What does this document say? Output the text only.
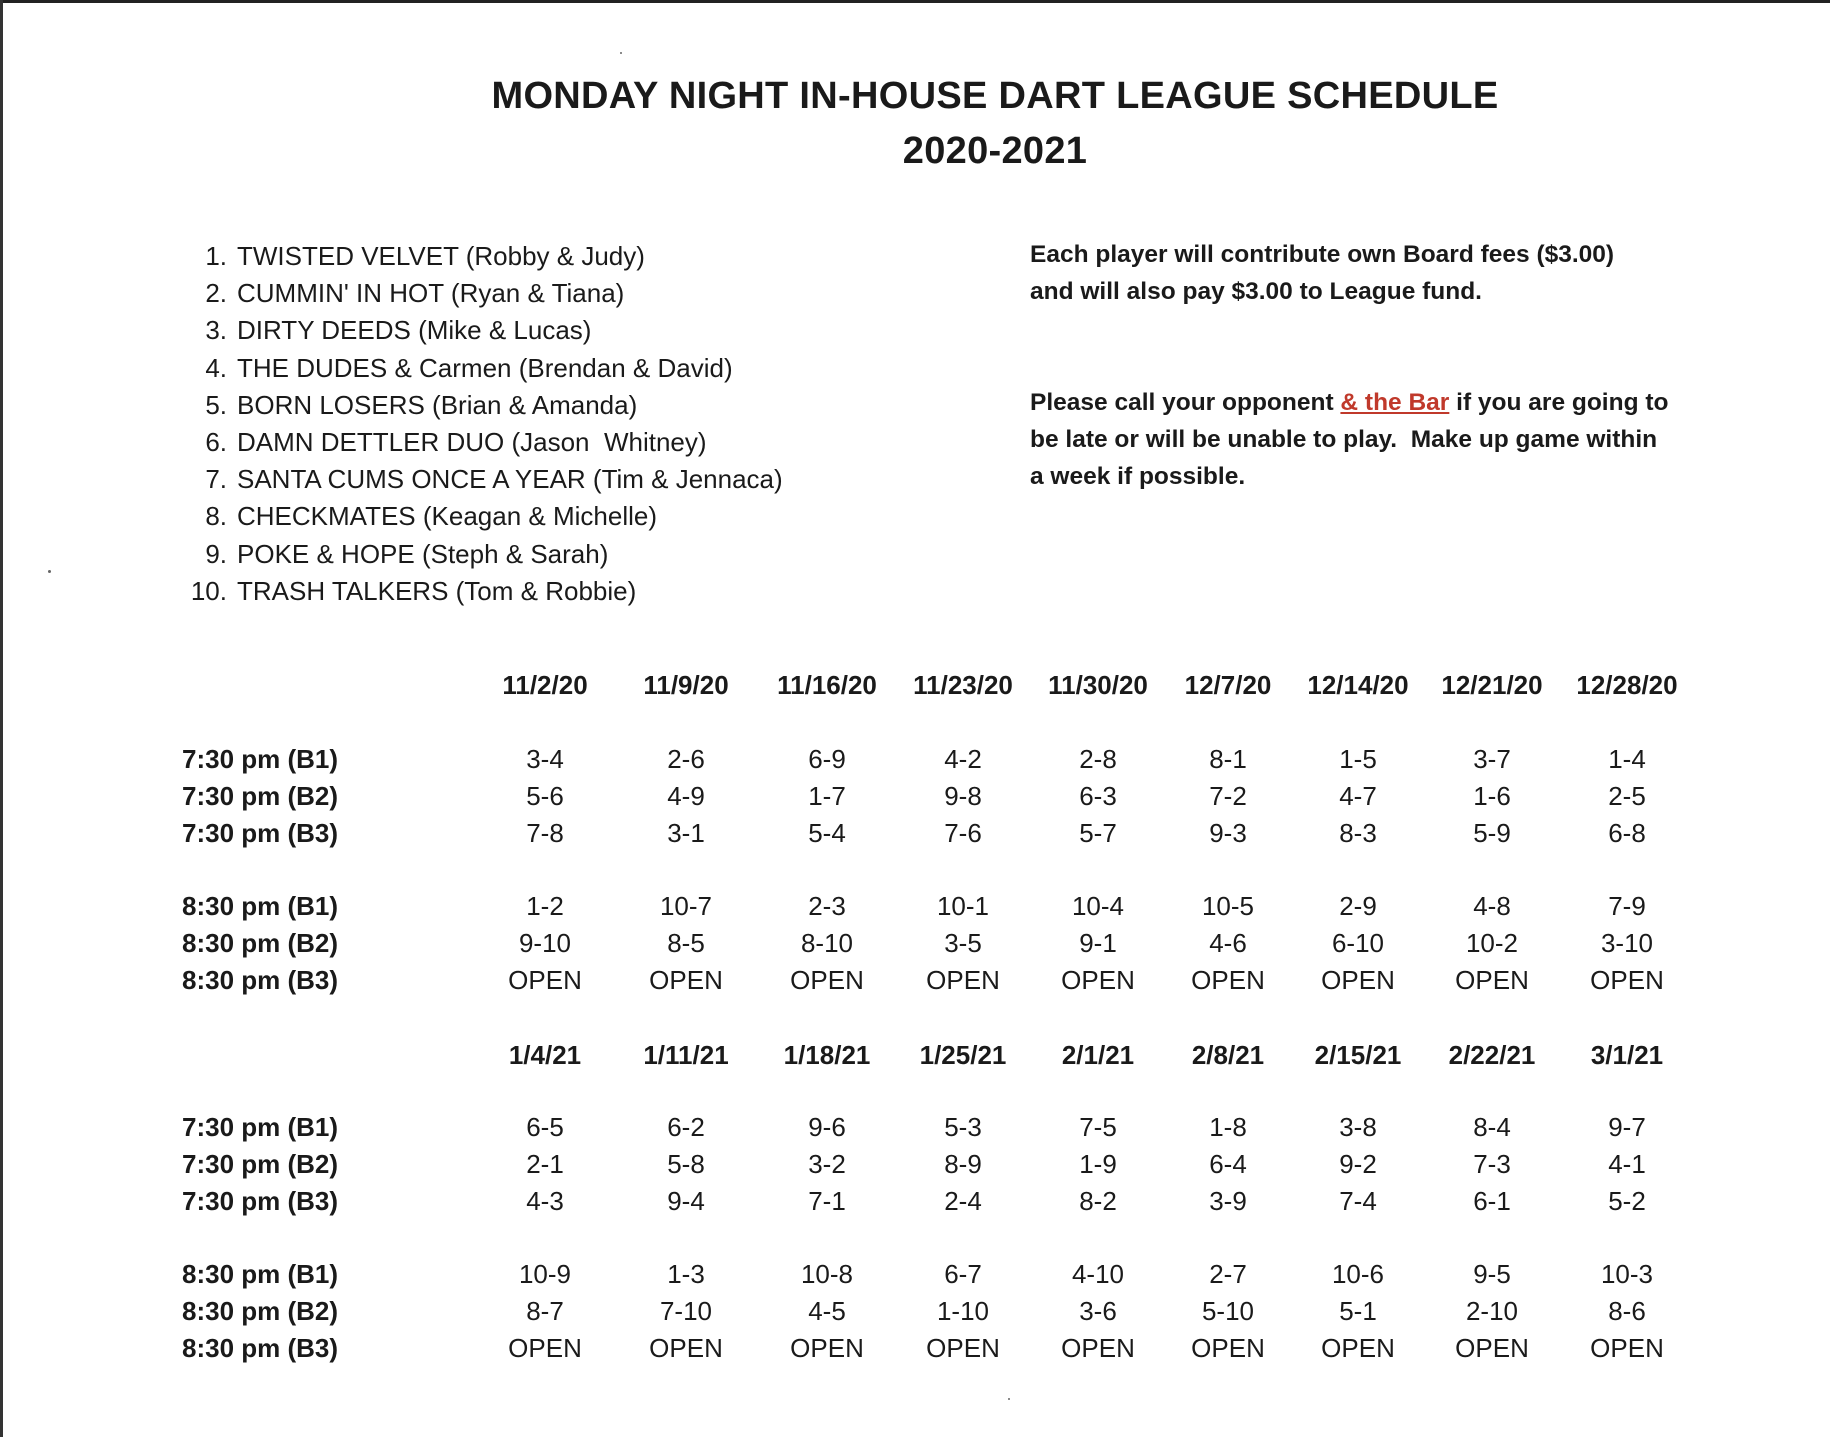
MONDAY NIGHT IN-HOUSE DART LEAGUE SCHEDULE
2020-2021
1. TWISTED VELVET (Robby & Judy)
2. CUMMIN' IN HOT (Ryan & Tiana)
3. DIRTY DEEDS (Mike & Lucas)
4. THE DUDES & Carmen (Brendan & David)
5. BORN LOSERS (Brian & Amanda)
6. DAMN DETTLER DUO (Jason  Whitney)
7. SANTA CUMS ONCE A YEAR (Tim & Jennaca)
8. CHECKMATES (Keagan & Michelle)
9. POKE & HOPE (Steph & Sarah)
10. TRASH TALKERS (Tom & Robbie)
Each player will contribute own Board fees ($3.00)
and will also pay $3.00 to League fund.
Please call your opponent & the Bar if you are going to
be late or will be unable to play.  Make up game within
a week if possible.
11/2/20	11/9/20	11/16/20	11/23/20	11/30/20	12/7/20	12/14/20	12/21/20	12/28/20
7:30 pm (B1)	3-4	2-6	6-9	4-2	2-8	8-1	1-5	3-7	1-4
7:30 pm (B2)	5-6	4-9	1-7	9-8	6-3	7-2	4-7	1-6	2-5
7:30 pm (B3)	7-8	3-1	5-4	7-6	5-7	9-3	8-3	5-9	6-8
8:30 pm (B1)	1-2	10-7	2-3	10-1	10-4	10-5	2-9	4-8	7-9
8:30 pm (B2)	9-10	8-5	8-10	3-5	9-1	4-6	6-10	10-2	3-10
8:30 pm (B3)	OPEN	OPEN	OPEN	OPEN	OPEN	OPEN	OPEN	OPEN	OPEN
1/4/21	1/11/21	1/18/21	1/25/21	2/1/21	2/8/21	2/15/21	2/22/21	3/1/21
7:30 pm (B1)	6-5	6-2	9-6	5-3	7-5	1-8	3-8	8-4	9-7
7:30 pm (B2)	2-1	5-8	3-2	8-9	1-9	6-4	9-2	7-3	4-1
7:30 pm (B3)	4-3	9-4	7-1	2-4	8-2	3-9	7-4	6-1	5-2
8:30 pm (B1)	10-9	1-3	10-8	6-7	4-10	2-7	10-6	9-5	10-3
8:30 pm (B2)	8-7	7-10	4-5	1-10	3-6	5-10	5-1	2-10	8-6
8:30 pm (B3)	OPEN	OPEN	OPEN	OPEN	OPEN	OPEN	OPEN	OPEN	OPEN
